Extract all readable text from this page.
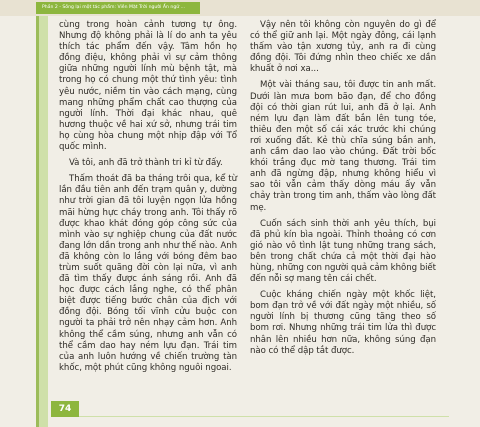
Phần 2 - Sống lại một tác phẩm: Viên Mặt Trời người Ấn ngữ ...

cùng trong hoàn cảnh tương tự ông. Nhưng độ không phải là lí do anh ta yêu thích tác phẩm đến vậy. Tâm hồn họ đồng điệu, không phải vì sự cảm thông giữa những người lính mù bệnh tật, mà trong họ có chung một thứ tình yêu: tình yêu nước, niềm tin vào cách mạng, cùng mang những phẩm chất cao thượng của người lính. Thời đại khác nhau, quê hương thuộc về hai xứ sở, nhưng trái tim họ cùng hòa chung một nhịp đập với Tổ quốc mình.

Và tôi, anh đã trở thành tri kỉ từ đấy.

Thấm thoát đã ba tháng trôi qua, kể từ lần đầu tiên anh đến trạm quân y, dường như trời gian đã tôi luyện ngọn lửa hồng mãi hừng hực cháy trong anh. Tôi thấy rõ được khao khát đóng góp công sức của mình vào sự nghiệp chung của đất nước đang lớn dần trong anh như thế nào. Anh đã không còn lo lắng với bóng đêm bao trùm suốt quãng đời còn lại nữa, vì anh đã tìm thấy được ánh sáng rồi. Anh đã học được cách lắng nghe, có thể phân biệt được tiếng bước chân của địch với đồng đội. Bóng tối vĩnh cửu buộc con người ta phải trở nên nhạy cảm hơn. Anh không thể cầm súng, nhưng anh vẫn có thể cầm dao hay ném lựu đạn. Trái tim của anh luôn hướng về chiến trường tàn khốc, một phút cũng không nguôi ngoai.

Vậy nên tôi không còn nguyên do gì để có thể giữ anh lại. Một ngày đông, cái lạnh thấm vào tận xương tủy, anh ra đi cùng đồng đội. Tôi đứng nhìn theo chiếc xe dần khuất ở nơi xa...

Một vài tháng sau, tôi được tin anh mất. Dưới làn mưa bom bão đạn, để cho đồng đội có thời gian rút lui, anh đã ở lại. Anh ném lựu đạn làm đất bắn lên tung tóe, thiêu đen một số cái xác trước khi chúng rơi xuống đất. Kẻ thù chĩa súng bắn anh, anh cầm dao lao vào chúng. Đất trời bốc khói trắng đục mờ tang thương. Trái tim anh đã ngừng đập, nhưng không hiểu vì sao tôi vẫn cảm thấy dòng máu ấy vẫn chảy tràn trong tim anh, thấm vào lòng đất mẹ.

Cuốn sách sinh thời anh yêu thích, bụi đã phủ kín bìa ngoài. Thỉnh thoảng có cơn gió nào vô tình lật tung những trang sách, bên trong chất chứa cả một thời đại hào hùng, những con người quả cảm không biết đến nỗi sợ mang tên cái chết.

Cuộc kháng chiến ngày một khốc liệt, bom đạn trở về với đất ngày một nhiều, số người lính bị thương cũng tăng theo số bom rơi. Nhưng những trái tim lửa thì được nhân lên nhiều hơn nữa, không súng đạn nào có thể dập tắt được.

74
